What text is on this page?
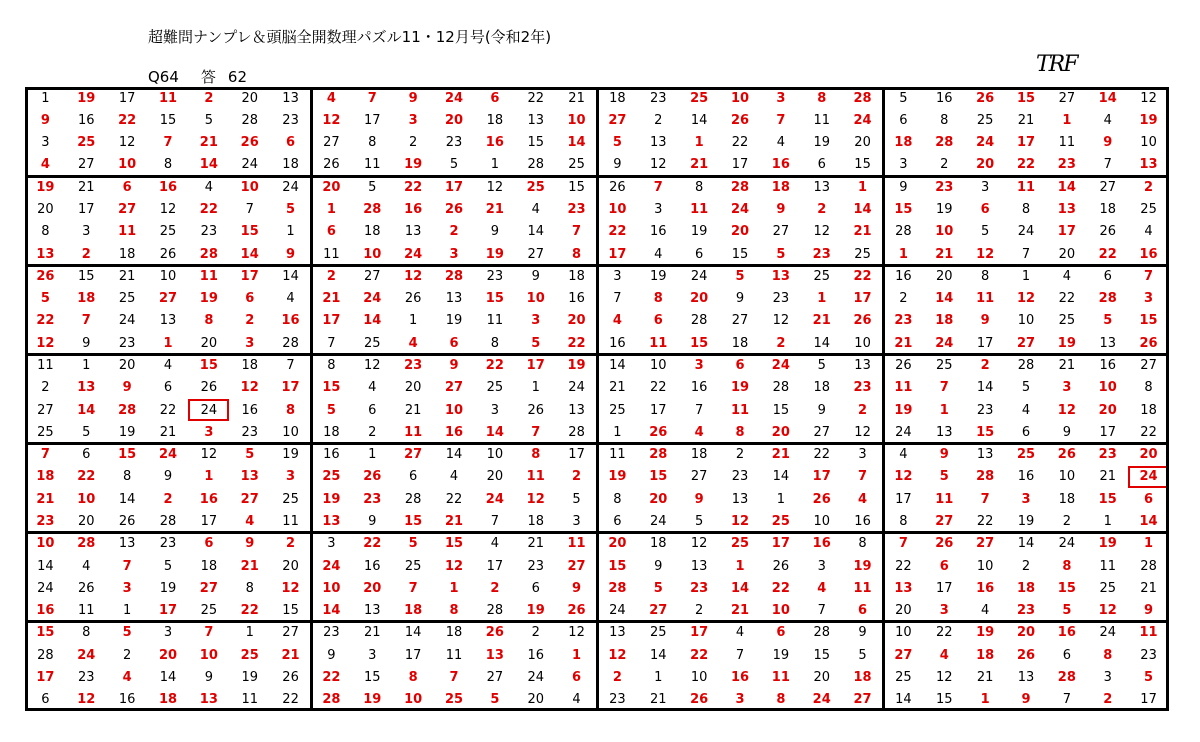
超難問ナンプレ＆頭脳全開数理パズル11・12月号(令和2年)
Q64 答 62	TRF
1	19	17	11	2	20	13	4	7	9	24	6	22	21	18	23	25	10	3	8	28	5	16	26	15	27	14	12
9	16	22	15	5	28	23	12	17	3	20	18	13	10	27	2	14	26	7	11	24	6	8	25	21	1	4	19
3	25	12	7	21	26	6	27	8	2	23	16	15	14	5	13	1	22	4	19	20	18	28	24	17	11	9	10
4	27	10	8	14	24	18	26	11	19	5	1	28	25	9	12	21	17	16	6	15	3	2	20	22	23	7	13
19	21	6	16	4	10	24	20	5	22	17	12	25	15	26	7	8	28	18	13	1	9	23	3	11	14	27	2
20	17	27	12	22	7	5	1	28	16	26	21	4	23	10	3	11	24	9	2	14	15	19	6	8	13	18	25
8	3	11	25	23	15	1	6	18	13	2	9	14	7	22	16	19	20	27	12	21	28	10	5	24	17	26	4
13	2	18	26	28	14	9	11	10	24	3	19	27	8	17	4	6	15	5	23	25	1	21	12	7	20	22	16
26	15	21	10	11	17	14	2	27	12	28	23	9	18	3	19	24	5	13	25	22	16	20	8	1	4	6	7
5	18	25	27	19	6	4	21	24	26	13	15	10	16	7	8	20	9	23	1	17	2	14	11	12	22	28	3
22	7	24	13	8	2	16	17	14	1	19	11	3	20	4	6	28	27	12	21	26	23	18	9	10	25	5	15
12	9	23	1	20	3	28	7	25	4	6	8	5	22	16	11	15	18	2	14	10	21	24	17	27	19	13	26
11	1	20	4	15	18	7	8	12	23	9	22	17	19	14	10	3	6	24	5	13	26	25	2	28	21	16	27
2	13	9	6	26	12	17	15	4	20	27	25	1	24	21	22	16	19	28	18	23	11	7	14	5	3	10	8
27	14	28	22	24	16	8	5	6	21	10	3	26	13	25	17	7	11	15	9	2	19	1	23	4	12	20	18
25	5	19	21	3	23	10	18	2	11	16	14	7	28	1	26	4	8	20	27	12	24	13	15	6	9	17	22
7	6	15	24	12	5	19	16	1	27	14	10	8	17	11	28	18	2	21	22	3	4	9	13	25	26	23	20
18	22	8	9	1	13	3	25	26	6	4	20	11	2	19	15	27	23	14	17	7	12	5	28	16	10	21	24
21	10	14	2	16	27	25	19	23	28	22	24	12	5	8	20	9	13	1	26	4	17	11	7	3	18	15	6
23	20	26	28	17	4	11	13	9	15	21	7	18	3	6	24	5	12	25	10	16	8	27	22	19	2	1	14
10	28	13	23	6	9	2	3	22	5	15	4	21	11	20	18	12	25	17	16	8	7	26	27	14	24	19	1
14	4	7	5	18	21	20	24	16	25	12	17	23	27	15	9	13	1	26	3	19	22	6	10	2	8	11	28
24	26	3	19	27	8	12	10	20	7	1	2	6	9	28	5	23	14	22	4	11	13	17	16	18	15	25	21
16	11	1	17	25	22	15	14	13	18	8	28	19	26	24	27	2	21	10	7	6	20	3	4	23	5	12	9
15	8	5	3	7	1	27	23	21	14	18	26	2	12	13	25	17	4	6	28	9	10	22	19	20	16	24	11
28	24	2	20	10	25	21	9	3	17	11	13	16	1	12	14	22	7	19	15	5	27	4	18	26	6	8	23
17	23	4	14	9	19	26	22	15	8	7	27	24	6	2	1	10	16	11	20	18	25	12	21	13	28	3	5
6	12	16	18	13	11	22	28	19	10	25	5	20	4	23	21	26	3	8	24	27	14	15	1	9	7	2	17
